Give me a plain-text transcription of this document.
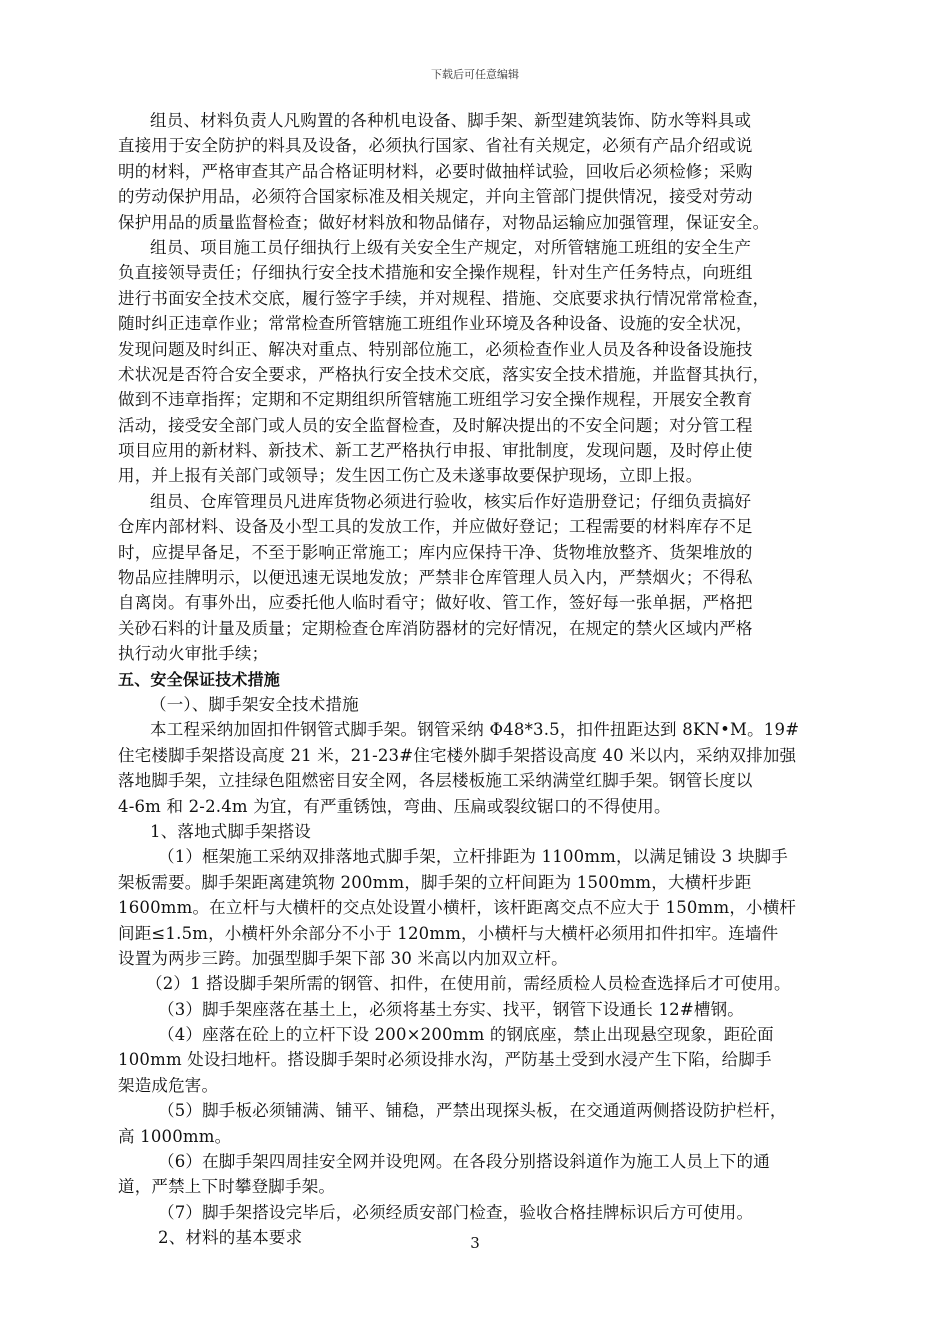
下载后可任意编辑
组员、材料负责人凡购置的各种机电设备、脚手架、新型建筑装饰、防水等料具或
直接用于安全防护的料具及设备，必须执行国家、省社有关规定，必须有产品介绍或说
明的材料，严格审查其产品合格证明材料，必要时做抽样试验，回收后必须检修；采购
的劳动保护用品，必须符合国家标准及相关规定，并向主管部门提供情况，接受对劳动
保护用品的质量监督检查；做好材料放和物品储存，对物品运输应加强管理，保证安全。
组员、项目施工员仔细执行上级有关安全生产规定，对所管辖施工班组的安全生产
负直接领导责任；仔细执行安全技术措施和安全操作规程，针对生产任务特点，向班组
进行书面安全技术交底，履行签字手续，并对规程、措施、交底要求执行情况常常检查，
随时纠正违章作业；常常检查所管辖施工班组作业环境及各种设备、设施的安全状况，
发现问题及时纠正、解决对重点、特别部位施工，必须检查作业人员及各种设备设施技
术状况是否符合安全要求，严格执行安全技术交底，落实安全技术措施，并监督其执行，
做到不违章指挥；定期和不定期组织所管辖施工班组学习安全操作规程，开展安全教育
活动，接受安全部门或人员的安全监督检查，及时解决提出的不安全问题；对分管工程
项目应用的新材料、新技术、新工艺严格执行申报、审批制度，发现问题，及时停止使
用，并上报有关部门或领导；发生因工伤亡及未遂事故要保护现场，立即上报。
组员、仓库管理员凡进库货物必须进行验收，核实后作好造册登记；仔细负责搞好
仓库内部材料、设备及小型工具的发放工作，并应做好登记；工程需要的材料库存不足
时，应提早备足，不至于影响正常施工；库内应保持干净、货物堆放整齐、货架堆放的
物品应挂牌明示，以便迅速无误地发放；严禁非仓库管理人员入内，严禁烟火；不得私
自离岗。有事外出，应委托他人临时看守；做好收、管工作，签好每一张单据，严格把
关砂石料的计量及质量；定期检查仓库消防器材的完好情况，在规定的禁火区域内严格
执行动火审批手续；
五、安全保证技术措施
（一）、脚手架安全技术措施
本工程采纳加固扣件钢管式脚手架。钢管采纳 Φ48*3.5，扣件扭距达到 8KN•M。19#
住宅楼脚手架搭设高度 21 米，21-23#住宅楼外脚手架搭设高度 40 米以内，采纳双排加强
落地脚手架，立挂绿色阻燃密目安全网，各层楼板施工采纳满堂红脚手架。钢管长度以
4-6m 和 2-2.4m 为宜，有严重锈蚀，弯曲、压扁或裂纹锯口的不得使用。
1、落地式脚手架搭设
（1）框架施工采纳双排落地式脚手架，立杆排距为 1100mm，以满足铺设 3 块脚手
架板需要。脚手架距离建筑物 200mm，脚手架的立杆间距为 1500mm，大横杆步距
1600mm。在立杆与大横杆的交点处设置小横杆，该杆距离交点不应大于 150mm，小横杆
间距≤1.5m，小横杆外余部分不小于 120mm，小横杆与大横杆必须用扣件扣牢。连墙件
设置为两步三跨。加强型脚手架下部 30 米高以内加双立杆。
（2）1 搭设脚手架所需的钢管、扣件，在使用前，需经质检人员检查选择后才可使用。
（3）脚手架座落在基土上，必须将基土夯实、找平，钢管下设通长 12#槽钢。
（4）座落在砼上的立杆下设 200×200mm 的钢底座，禁止出现悬空现象，距砼面
100mm 处设扫地杆。搭设脚手架时必须设排水沟，严防基土受到水浸产生下陷，给脚手
架造成危害。
（5）脚手板必须铺满、铺平、铺稳，严禁出现探头板，在交通道两侧搭设防护栏杆，
高 1000mm。
（6）在脚手架四周挂安全网并设兜网。在各段分别搭设斜道作为施工人员上下的通
道，严禁上下时攀登脚手架。
（7）脚手架搭设完毕后，必须经质安部门检查，验收合格挂牌标识后方可使用。
2、材料的基本要求	3
